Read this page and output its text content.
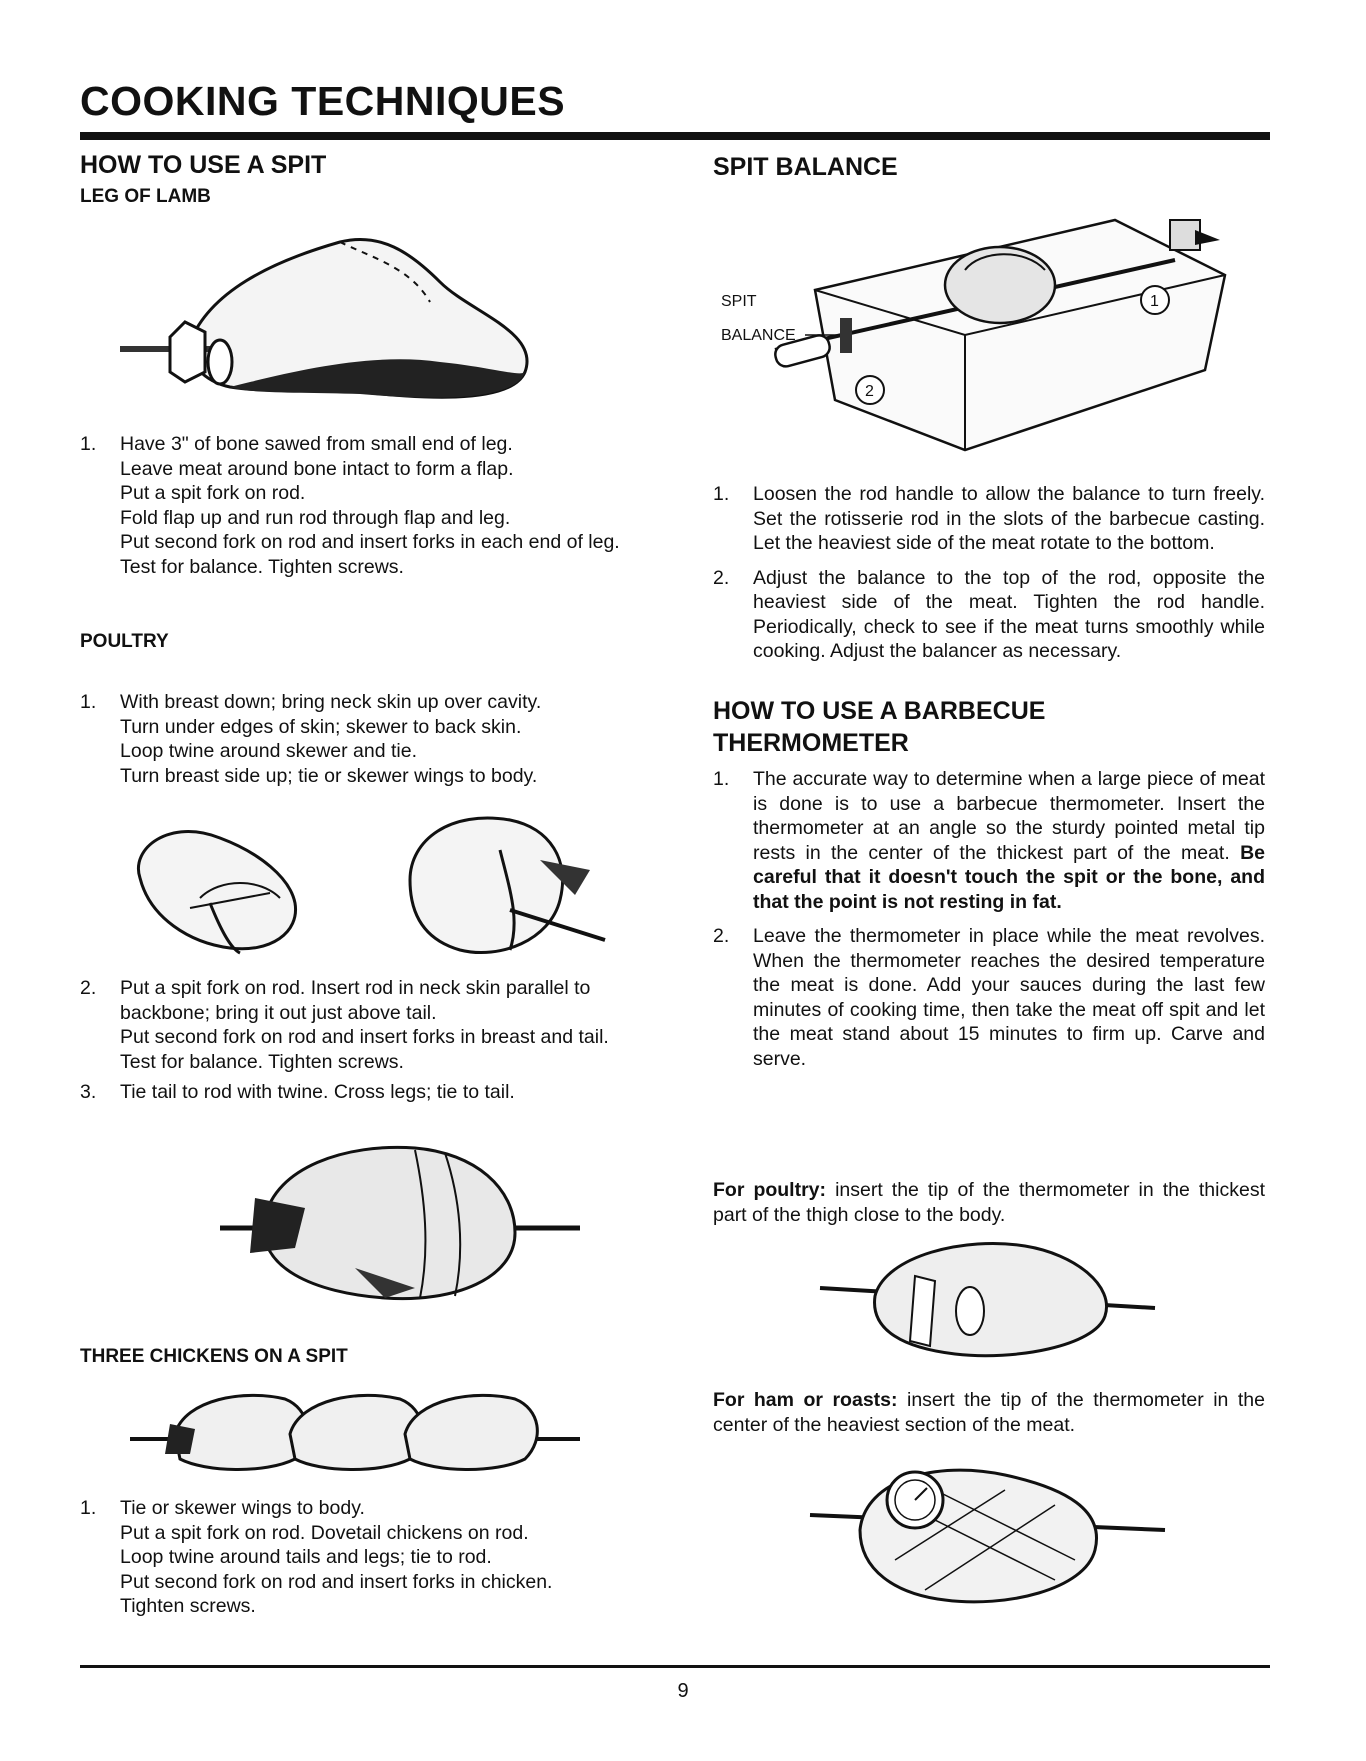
COOKING TECHNIQUES
HOW TO USE A SPIT
LEG OF LAMB
1.	Have 3" of bone sawed from small end of leg.

Leave meat around bone intact to form a flap.

Put a spit fork on rod.

Fold flap up and run rod through flap and leg.

Put second fork on rod and insert forks in each end of leg. Test for balance. Tighten screws.

POULTRY
1.	With breast down; bring neck skin up over cavity.

Turn under edges of skin; skewer to back skin.

Loop twine around skewer and tie.

Turn breast side up; tie or skewer wings to body.

2.	Put a spit fork on rod. Insert rod in neck skin parallel to backbone; bring it out just above tail.

Put second fork on rod and insert forks in breast and tail. Test for balance. Tighten screws.

3.	Tie tail to rod with twine. Cross legs; tie to tail.

THREE CHICKENS ON A SPIT
1.	Tie or skewer wings to body.

Put a spit fork on rod. Dovetail chickens on rod.

Loop twine around tails and legs; tie to rod.

Put second fork on rod and insert forks in chicken.

Tighten screws.

SPIT BALANCE
SPIT
BALANCE
1
2
1.	Loosen the rod handle to allow the balance to turn freely. Set the rotisserie rod in the slots of the barbecue casting. Let the heaviest side of the meat rotate to the bottom.
2.	Adjust the balance to the top of the rod, opposite the heaviest side of the meat. Tighten the rod handle. Periodically, check to see if the meat turns smoothly while cooking. Adjust the balancer as necessary.
HOW TO USE A BARBECUE
THERMOMETER
1.	The accurate way to determine when a large piece of meat is done is to use a barbecue thermometer. Insert the thermometer at an angle so the sturdy pointed metal tip rests in the center of the thickest part of the meat. Be careful that it doesn't touch the spit or the bone, and that the point is not resting in fat.
2.	Leave the thermometer in place while the meat revolves. When the thermometer reaches the desired temperature the meat is done. Add your sauces during the last few minutes of cooking time, then take the meat off spit and let the meat stand about 15 minutes to firm up. Carve and serve.
For poultry: insert the tip of the thermometer in the thickest part of the thigh close to the body.
For ham or roasts: insert the tip of the thermometer in the center of the heaviest section of the meat.
9
